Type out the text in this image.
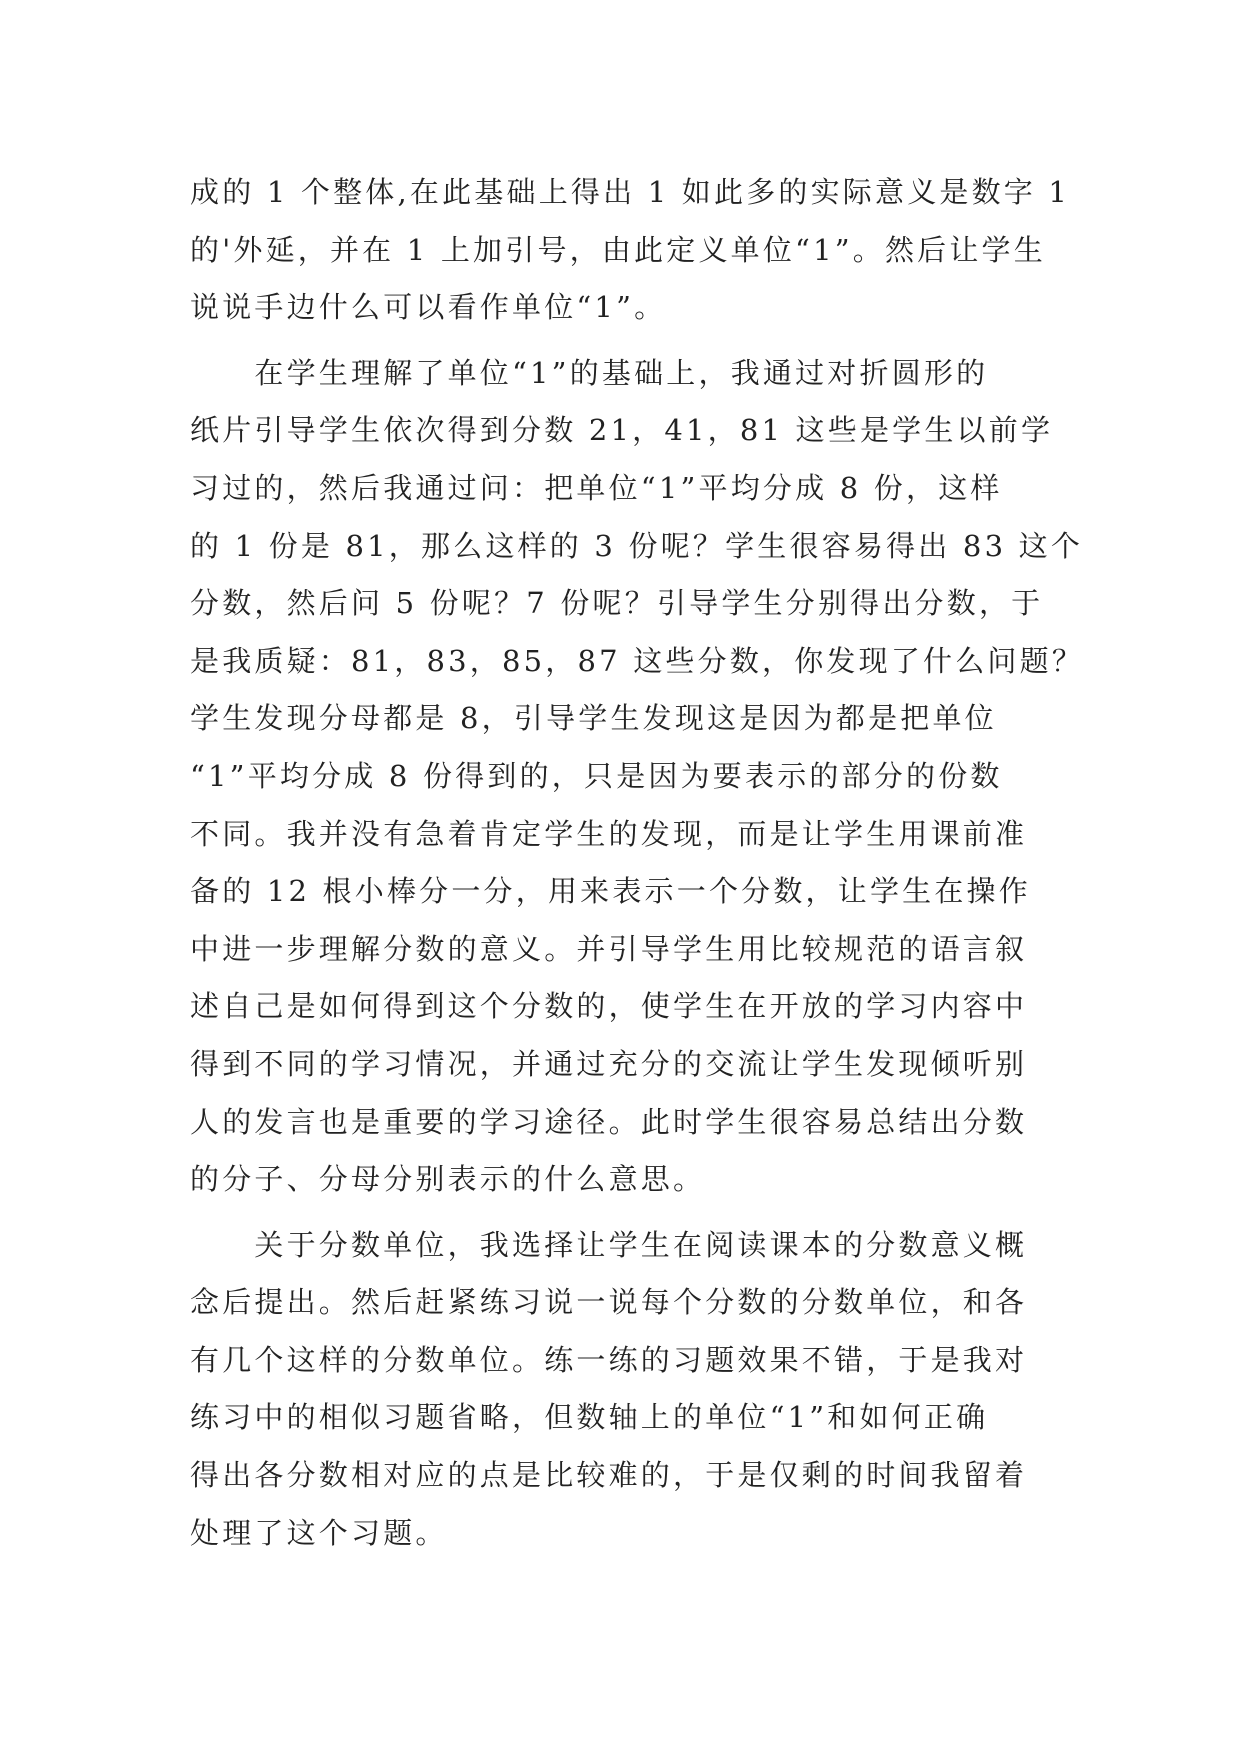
成的 1 个整体,在此基础上得出 1 如此多的实际意义是数字 1
的'外延，并在 1 上加引号，由此定义单位“1”。然后让学生
说说手边什么可以看作单位“1”。
　　在学生理解了单位“1”的基础上，我通过对折圆形的
纸片引导学生依次得到分数 21，41，81 这些是学生以前学
习过的，然后我通过问：把单位“1”平均分成 8 份，这样
的 1 份是 81，那么这样的 3 份呢？学生很容易得出 83 这个
分数，然后问 5 份呢？7 份呢？引导学生分别得出分数，于
是我质疑：81，83，85，87 这些分数，你发现了什么问题？
学生发现分母都是 8，引导学生发现这是因为都是把单位
“1”平均分成 8 份得到的，只是因为要表示的部分的份数
不同。我并没有急着肯定学生的发现，而是让学生用课前准
备的 12 根小棒分一分，用来表示一个分数，让学生在操作
中进一步理解分数的意义。并引导学生用比较规范的语言叙
述自己是如何得到这个分数的，使学生在开放的学习内容中
得到不同的学习情况，并通过充分的交流让学生发现倾听别
人的发言也是重要的学习途径。此时学生很容易总结出分数
的分子、分母分别表示的什么意思。
　　关于分数单位，我选择让学生在阅读课本的分数意义概
念后提出。然后赶紧练习说一说每个分数的分数单位，和各
有几个这样的分数单位。练一练的习题效果不错，于是我对
练习中的相似习题省略，但数轴上的单位“1”和如何正确
得出各分数相对应的点是比较难的，于是仅剩的时间我留着
处理了这个习题。
